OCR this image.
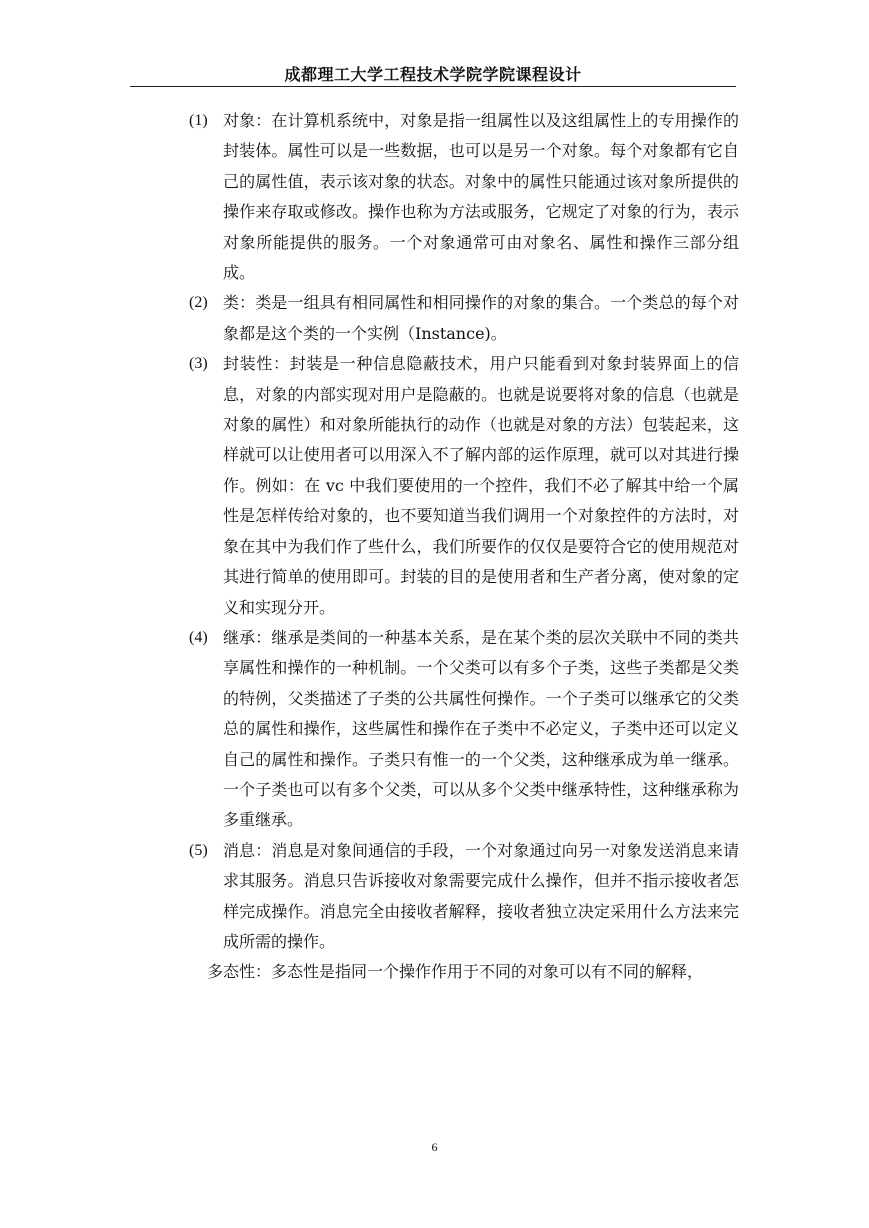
成都理工大学工程技术学院学院课程设计
(1) 对象：在计算机系统中，对象是指一组属性以及这组属性上的专用操作的封装体。属性可以是一些数据，也可以是另一个对象。每个对象都有它自己的属性值，表示该对象的状态。对象中的属性只能通过该对象所提供的操作来存取或修改。操作也称为方法或服务，它规定了对象的行为，表示对象所能提供的服务。一个对象通常可由对象名、属性和操作三部分组成。
(2) 类：类是一组具有相同属性和相同操作的对象的集合。一个类总的每个对象都是这个类的一个实例（Instance)。
(3) 封装性：封装是一种信息隐蔽技术，用户只能看到对象封装界面上的信息，对象的内部实现对用户是隐蔽的。也就是说要将对象的信息（也就是对象的属性）和对象所能执行的动作（也就是对象的方法）包装起来，这样就可以让使用者可以用深入不了解内部的运作原理，就可以对其进行操作。例如：在 vc 中我们要使用的一个控件，我们不必了解其中给一个属性是怎样传给对象的，也不要知道当我们调用一个对象控件的方法时，对象在其中为我们作了些什么，我们所要作的仅仅是要符合它的使用规范对其进行简单的使用即可。封装的目的是使用者和生产者分离，使对象的定义和实现分开。
(4) 继承：继承是类间的一种基本关系，是在某个类的层次关联中不同的类共享属性和操作的一种机制。一个父类可以有多个子类，这些子类都是父类的特例，父类描述了子类的公共属性何操作。一个子类可以继承它的父类总的属性和操作，这些属性和操作在子类中不必定义，子类中还可以定义自己的属性和操作。子类只有惟一的一个父类，这种继承成为单一继承。一个子类也可以有多个父类，可以从多个父类中继承特性，这种继承称为多重继承。
(5) 消息：消息是对象间通信的手段，一个对象通过向另一对象发送消息来请求其服务。消息只告诉接收对象需要完成什么操作，但并不指示接收者怎样完成操作。消息完全由接收者解释，接收者独立决定采用什么方法来完成所需的操作。
多态性：多态性是指同一个操作作用于不同的对象可以有不同的解释，
6
